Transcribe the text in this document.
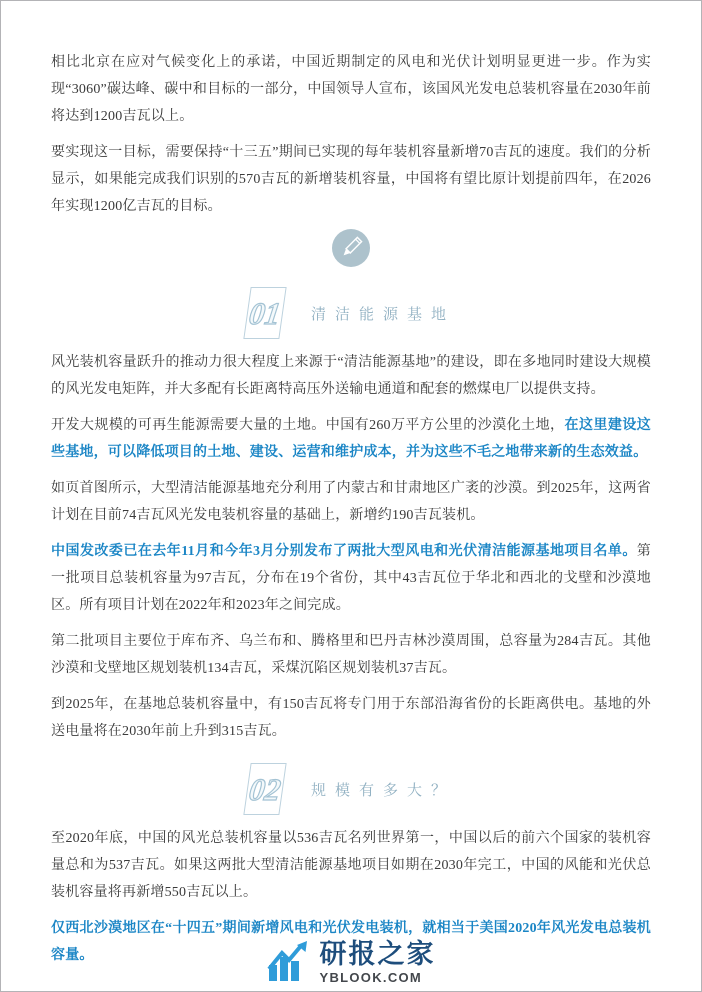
相比北京在应对气候变化上的承诺，中国近期制定的风电和光伏计划明显更进一步。作为实现“3060”碳达峰、碳中和目标的一部分，中国领导人宣布，该国风光发电总装机容量在2030年前将达到1200吉瓦以上。

要实现这一目标，需要保持“十三五”期间已实现的每年装机容量新增70吉瓦的速度。我们的分析显示，如果能完成我们识别的570吉瓦的新增装机容量，中国将有望比原计划提前四年，在2026年实现1200亿吉瓦的目标。

01 清洁能源基地

风光装机容量跃升的推动力很大程度上来源于“清洁能源基地”的建设，即在多地同时建设大规模的风光发电矩阵，并大多配有长距离特高压外送输电通道和配套的燃煤电厂以提供支持。

开发大规模的可再生能源需要大量的土地。中国有260万平方公里的沙漠化土地，在这里建设这些基地，可以降低项目的土地、建设、运营和维护成本，并为这些不毛之地带来新的生态效益。

如页首图所示，大型清洁能源基地充分利用了内蒙古和甘肃地区广袤的沙漠。到2025年，这两省计划在目前74吉瓦风光发电装机容量的基础上，新增约190吉瓦装机。

中国发改委已在去年11月和今年3月分别发布了两批大型风电和光伏清洁能源基地项目名单。第一批项目总装机容量为97吉瓦，分布在19个省份，其中43吉瓦位于华北和西北的戈壁和沙漠地区。所有项目计划在2022年和2023年之间完成。

第二批项目主要位于库布齐、乌兰布和、腾格里和巴丹吉林沙漠周围，总容量为284吉瓦。其他沙漠和戈壁地区规划装机134吉瓦，采煤沉陷区规划装机37吉瓦。

到2025年，在基地总装机容量中，有150吉瓦将专门用于东部沿海省份的长距离供电。基地的外送电量将在2030年前上升到315吉瓦。

02 规模有多大？

至2020年底，中国的风光总装机容量以536吉瓦名列世界第一，中国以后的前六个国家的装机容量总和为537吉瓦。如果这两批大型清洁能源基地项目如期在2030年完工，中国的风能和光伏总装机容量将再新增550吉瓦以上。

仅西北沙漠地区在“十四五”期间新增风电和光伏发电装机，就相当于美国2020年风光发电总装机容量。	研报之家
YBLOOK.COM
